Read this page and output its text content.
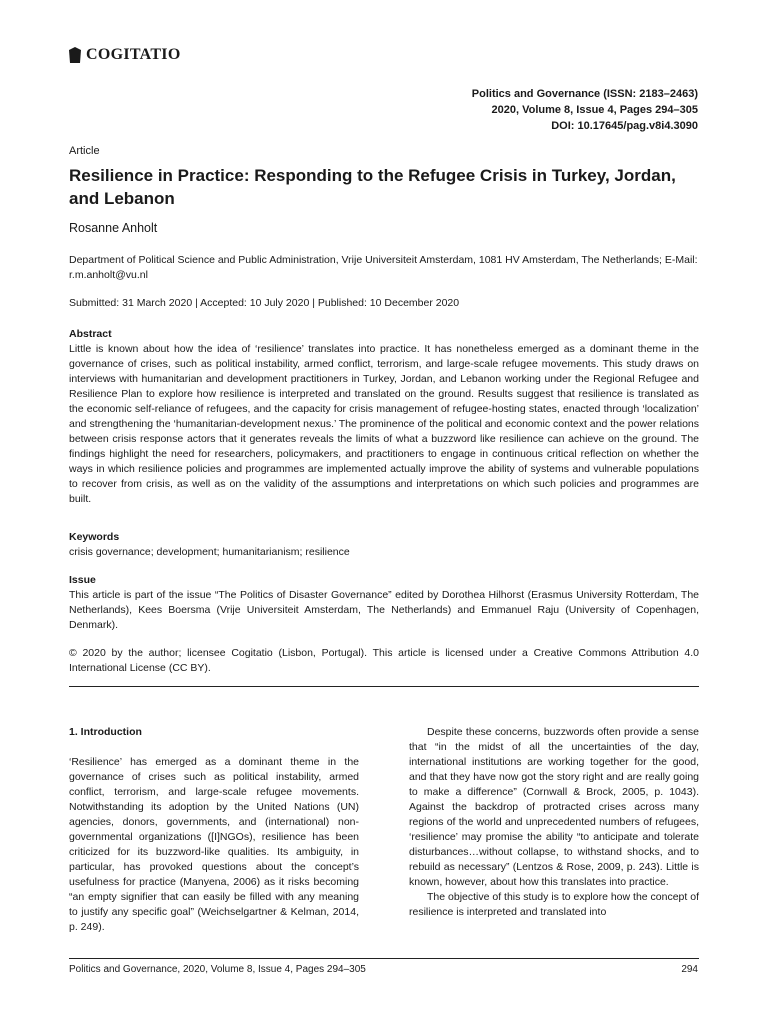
COGITATIO
Politics and Governance (ISSN: 2183–2463)
2020, Volume 8, Issue 4, Pages 294–305
DOI: 10.17645/pag.v8i4.3090
Article
Resilience in Practice: Responding to the Refugee Crisis in Turkey, Jordan, and Lebanon
Rosanne Anholt
Department of Political Science and Public Administration, Vrije Universiteit Amsterdam, 1081 HV Amsterdam, The Netherlands; E-Mail: r.m.anholt@vu.nl
Submitted: 31 March 2020 | Accepted: 10 July 2020 | Published: 10 December 2020
Abstract
Little is known about how the idea of ‘resilience’ translates into practice. It has nonetheless emerged as a dominant theme in the governance of crises, such as political instability, armed conflict, terrorism, and large-scale refugee movements. This study draws on interviews with humanitarian and development practitioners in Turkey, Jordan, and Lebanon working under the Regional Refugee and Resilience Plan to explore how resilience is interpreted and translated on the ground. Results suggest that resilience is translated as the economic self-reliance of refugees, and the capacity for crisis management of refugee-hosting states, enacted through ‘localization’ and strengthening the ‘humanitarian-development nexus.’ The prominence of the political and economic context and the power relations between crisis response actors that it generates reveals the limits of what a buzzword like resilience can achieve on the ground. The findings highlight the need for researchers, policymakers, and practitioners to engage in continuous critical reflection on whether the ways in which resilience policies and programmes are implemented actually improve the ability of systems and vulnerable populations to recover from crisis, as well as on the validity of the assumptions and interpretations on which such policies and programmes are built.
Keywords
crisis governance; development; humanitarianism; resilience
Issue
This article is part of the issue “The Politics of Disaster Governance” edited by Dorothea Hilhorst (Erasmus University Rotterdam, The Netherlands), Kees Boersma (Vrije Universiteit Amsterdam, The Netherlands) and Emmanuel Raju (University of Copenhagen, Denmark).
© 2020 by the author; licensee Cogitatio (Lisbon, Portugal). This article is licensed under a Creative Commons Attribution 4.0 International License (CC BY).

1. Introduction

‘Resilience’ has emerged as a dominant theme in the governance of crises such as political instability, armed conflict, terrorism, and large-scale refugee movements. Notwithstanding its adoption by the United Nations (UN) agencies, donors, governments, and (international) non-governmental organizations ([I]NGOs), resilience has been criticized for its buzzword-like qualities. Its ambiguity, in particular, has provoked questions about the concept’s usefulness for practice (Manyena, 2006) as it risks becoming “an empty signifier that can easily be filled with any meaning to justify any specific goal” (Weichselgartner & Kelman, 2014, p. 249).

Despite these concerns, buzzwords often provide a sense that “in the midst of all the uncertainties of the day, international institutions are working together for the good, and that they have now got the story right and are really going to make a difference” (Cornwall & Brock, 2005, p. 1043). Against the backdrop of protracted crises across many regions of the world and unprecedented numbers of refugees, ‘resilience’ may promise the ability “to anticipate and tolerate disturbances…without collapse, to withstand shocks, and to rebuild as necessary” (Lentzos & Rose, 2009, p. 243). Little is known, however, about how this translates into practice.

The objective of this study is to explore how the concept of resilience is interpreted and translated into

Politics and Governance, 2020, Volume 8, Issue 4, Pages 294–305	294
